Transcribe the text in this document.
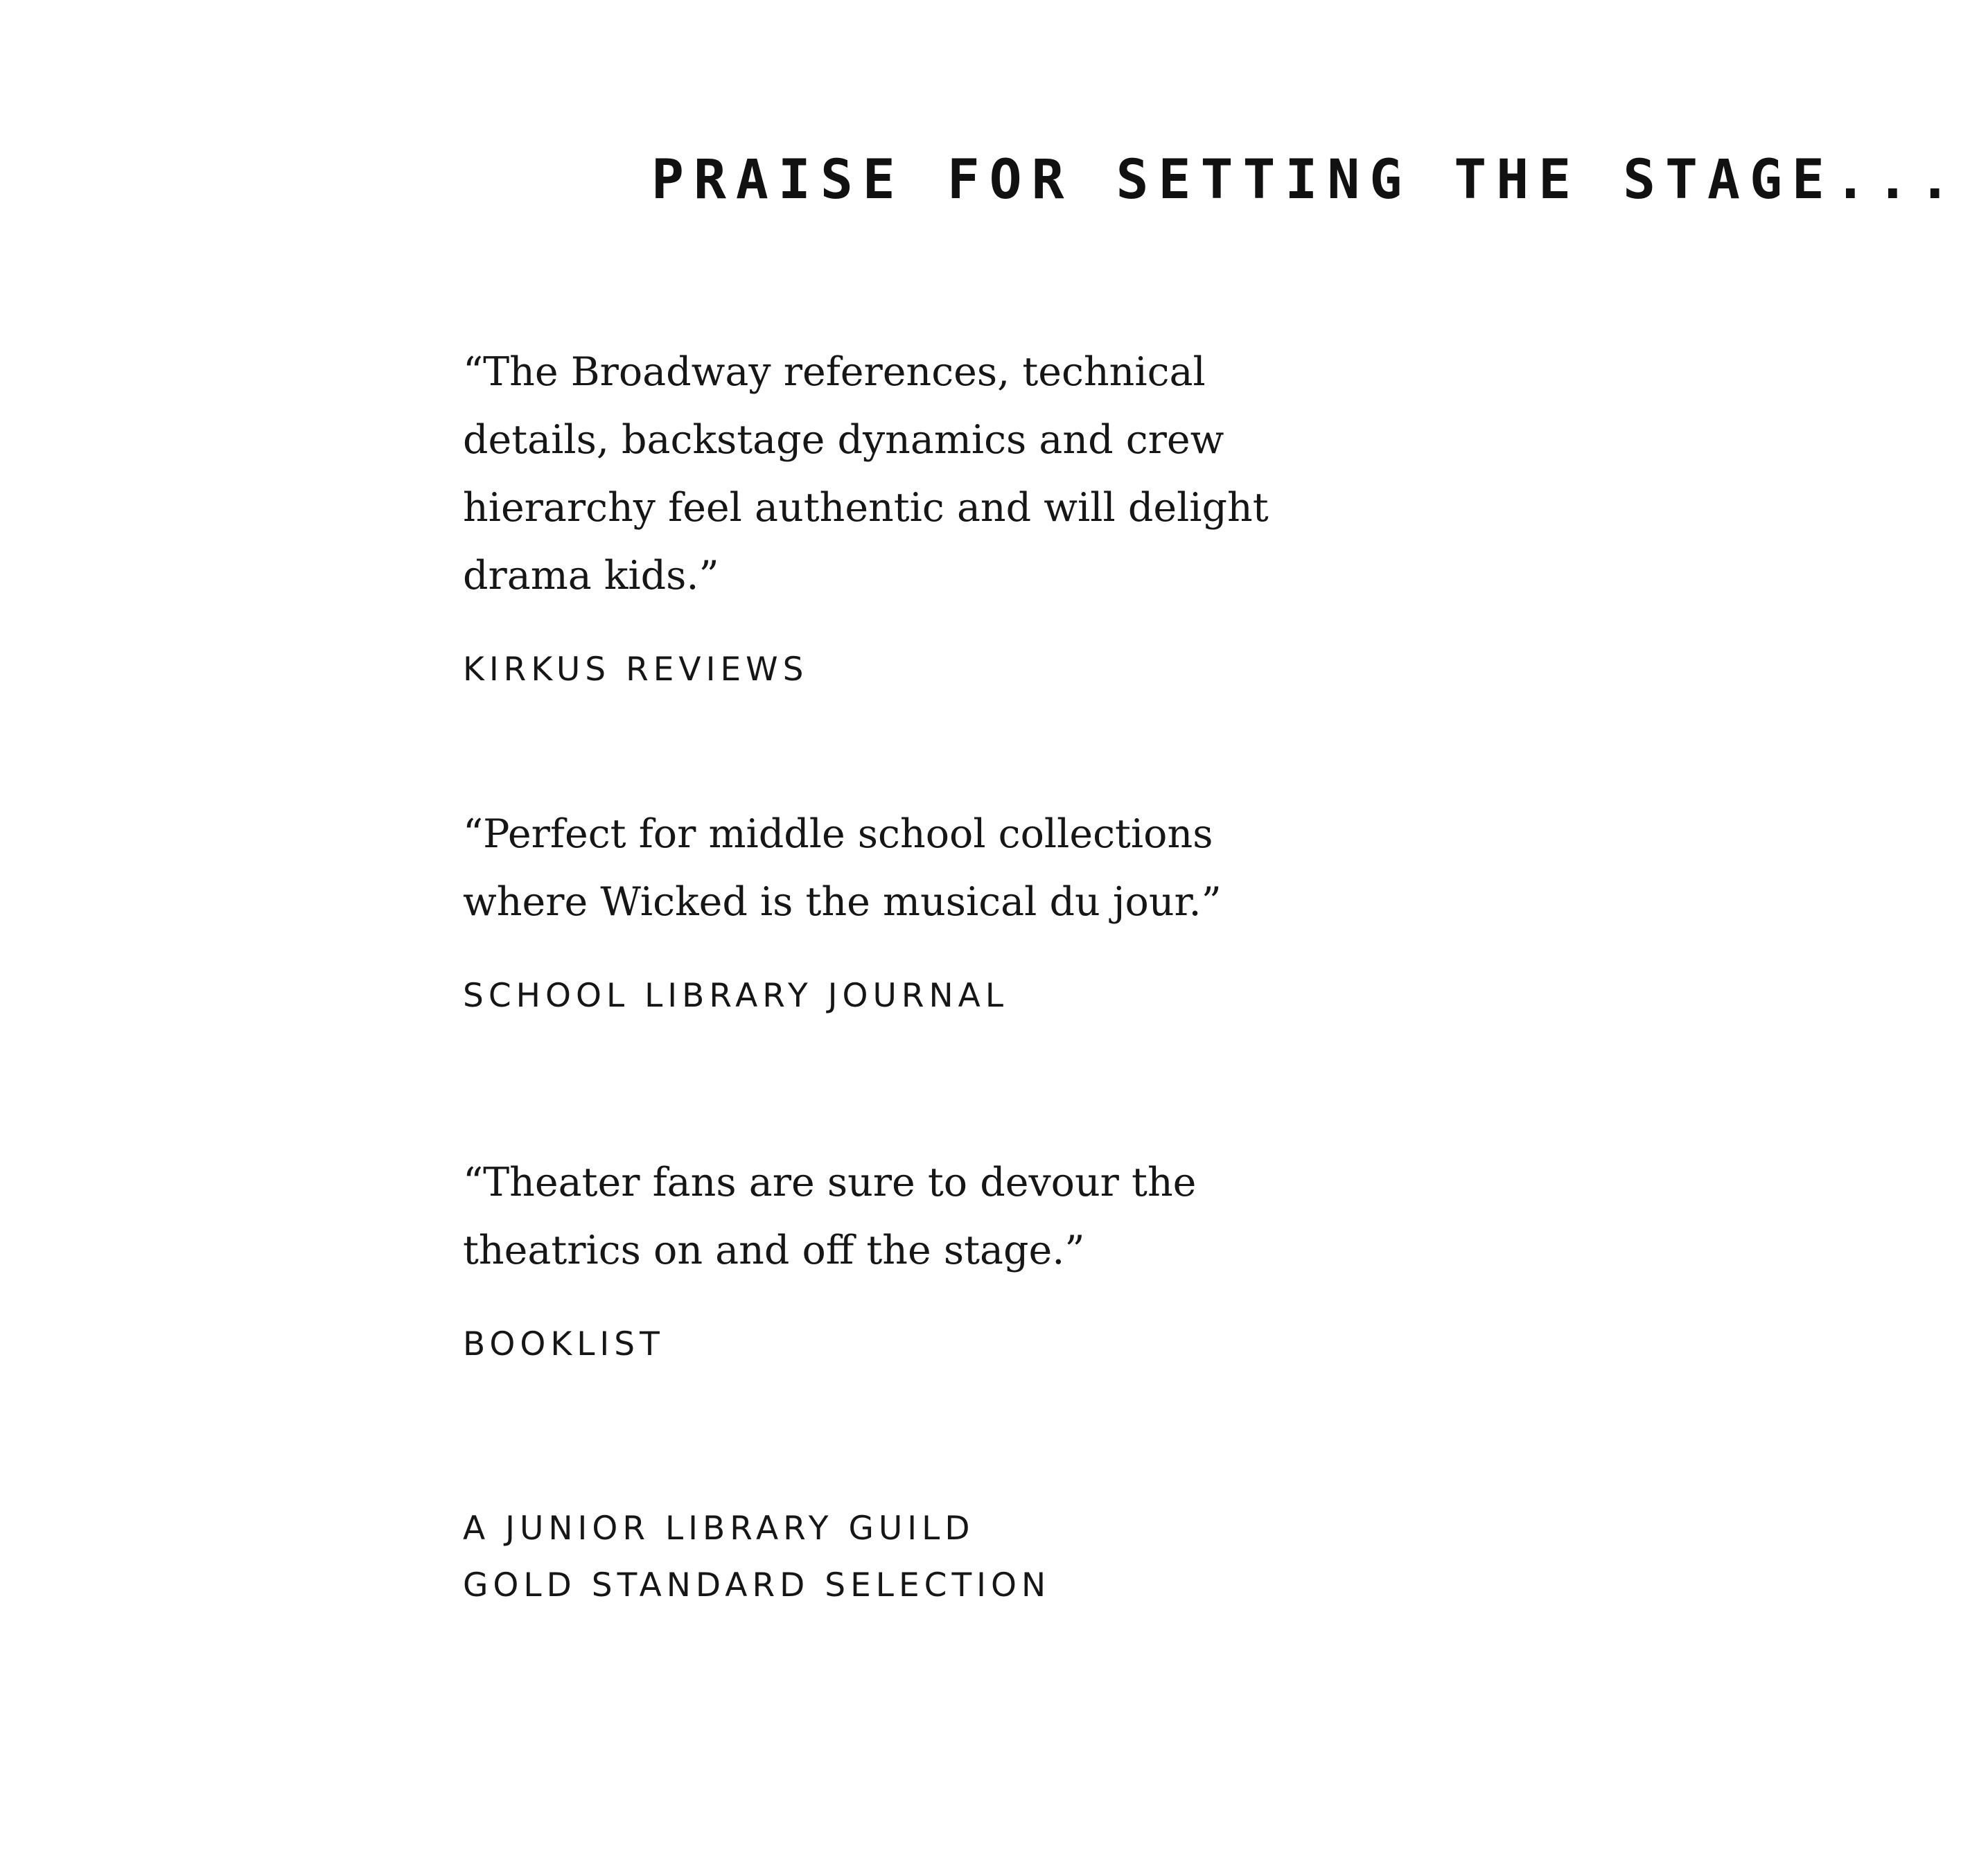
PRAISE FOR SETTING THE STAGE...

“The Broadway references, technical details, backstage dynamics and crew hierarchy feel authentic and will delight drama kids.”

KIRKUS REVIEWS

“Perfect for middle school collections where Wicked is the musical du jour.”

SCHOOL LIBRARY JOURNAL

“Theater fans are sure to devour the theatrics on and off the stage.”

BOOKLIST

A JUNIOR LIBRARY GUILD

GOLD STANDARD SELECTION
